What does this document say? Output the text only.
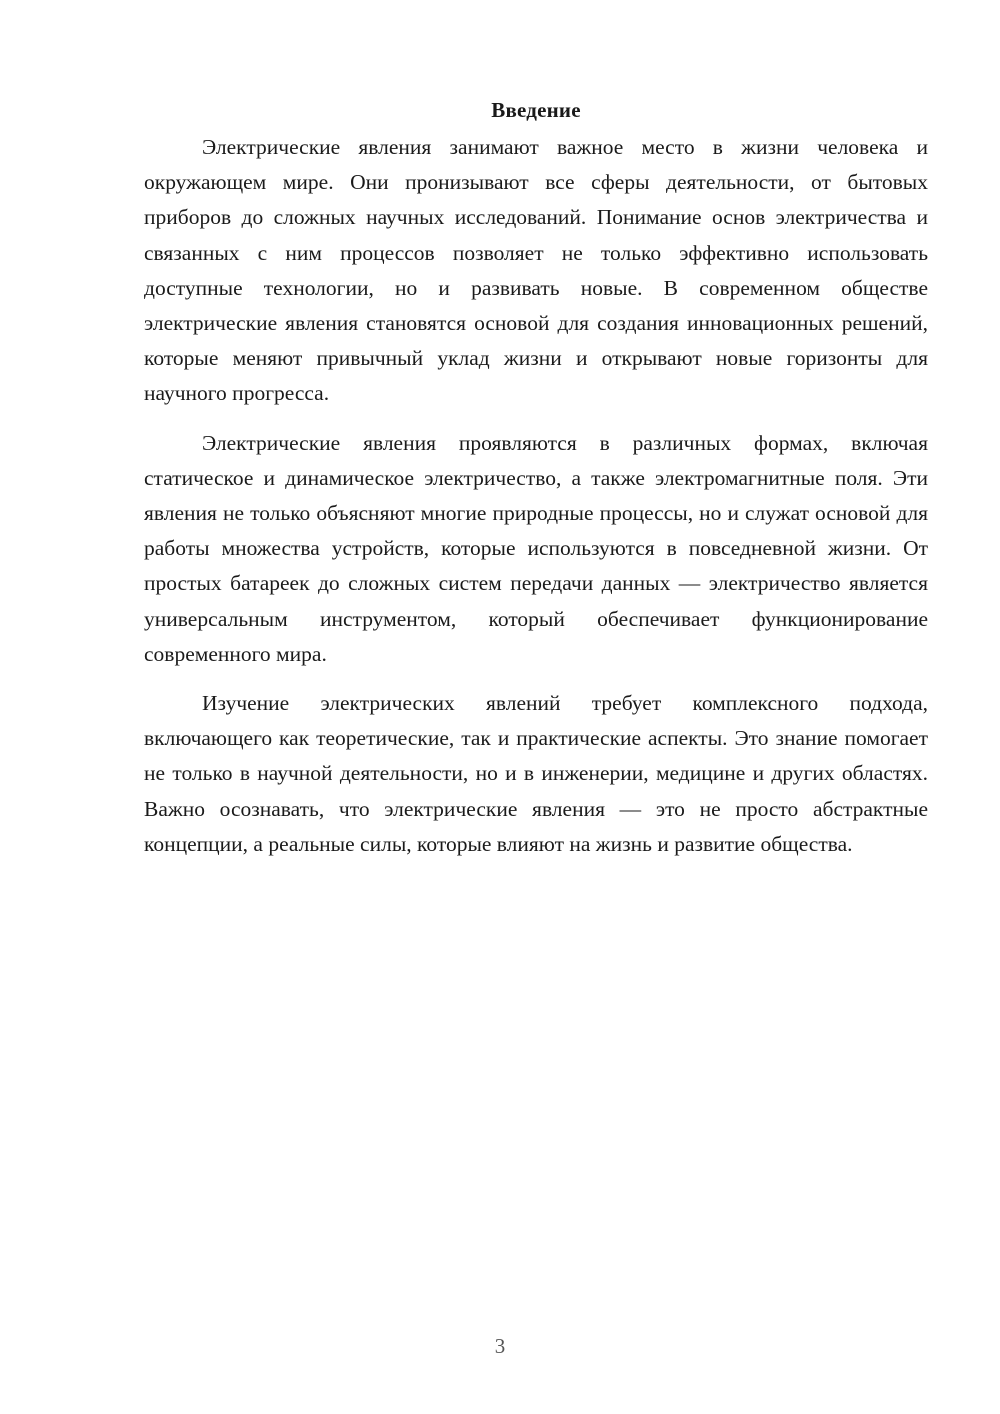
Введение

Электрические явления занимают важное место в жизни человека и окружающем мире. Они пронизывают все сферы деятельности, от бытовых приборов до сложных научных исследований. Понимание основ электричества и связанных с ним процессов позволяет не только эффективно использовать доступные технологии, но и развивать новые. В современном обществе электрические явления становятся основой для создания инновационных решений, которые меняют привычный уклад жизни и открывают новые горизонты для научного прогресса.

Электрические явления проявляются в различных формах, включая статическое и динамическое электричество, а также электромагнитные поля. Эти явления не только объясняют многие природные процессы, но и служат основой для работы множества устройств, которые используются в повседневной жизни. От простых батареек до сложных систем передачи данных — электричество является универсальным инструментом, который обеспечивает функционирование современного мира.

Изучение электрических явлений требует комплексного подхода, включающего как теоретические, так и практические аспекты. Это знание помогает не только в научной деятельности, но и в инженерии, медицине и других областях. Важно осознавать, что электрические явления — это не просто абстрактные концепции, а реальные силы, которые влияют на жизнь и развитие общества.

3
